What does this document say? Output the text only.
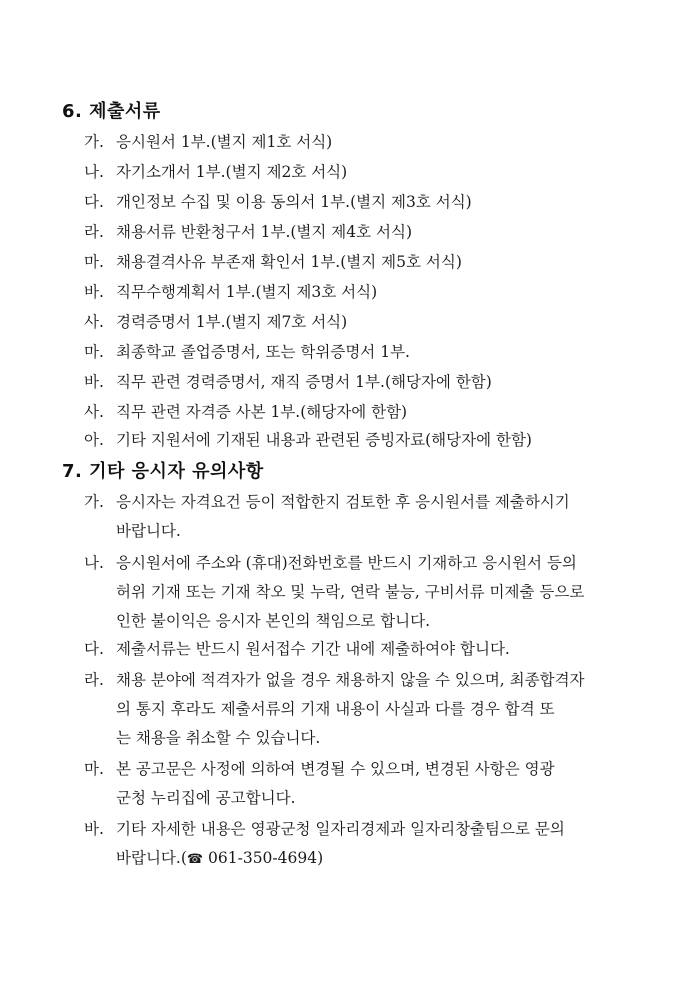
6. 제출서류
가. 응시원서 1부.(별지 제1호 서식)
나. 자기소개서 1부.(별지 제2호 서식)
다. 개인정보 수집 및 이용 동의서 1부.(별지 제3호 서식)
라. 채용서류 반환청구서 1부.(별지 제4호 서식)
마. 채용결격사유 부존재 확인서 1부.(별지 제5호 서식)
바. 직무수행계획서 1부.(별지 제3호 서식)
사. 경력증명서 1부.(별지 제7호 서식)
마. 최종학교 졸업증명서, 또는 학위증명서 1부.
바. 직무 관련 경력증명서, 재직 증명서 1부.(해당자에 한함)
사. 직무 관련 자격증 사본 1부.(해당자에 한함)
아. 기타 지원서에 기재된 내용과 관련된 증빙자료(해당자에 한함)
7. 기타 응시자 유의사항
가. 응시자는 자격요건 등이 적합한지 검토한 후 응시원서를 제출하시기
바랍니다.
나. 응시원서에 주소와 (휴대)전화번호를 반드시 기재하고 응시원서 등의
허위 기재 또는 기재 착오 및 누락, 연락 불능, 구비서류 미제출 등으로
인한 불이익은 응시자 본인의 책임으로 합니다.
다. 제출서류는 반드시 원서접수 기간 내에 제출하여야 합니다.
라. 채용 분야에 적격자가 없을 경우 채용하지 않을 수 있으며, 최종합격자
의 통지 후라도 제출서류의 기재 내용이 사실과 다를 경우 합격 또
는 채용을 취소할 수 있습니다.
마. 본 공고문은 사정에 의하여 변경될 수 있으며, 변경된 사항은 영광
군청 누리집에 공고합니다.
바. 기타 자세한 내용은 영광군청 일자리경제과 일자리창출팀으로 문의
바랍니다.(☎ 061-350-4694)
